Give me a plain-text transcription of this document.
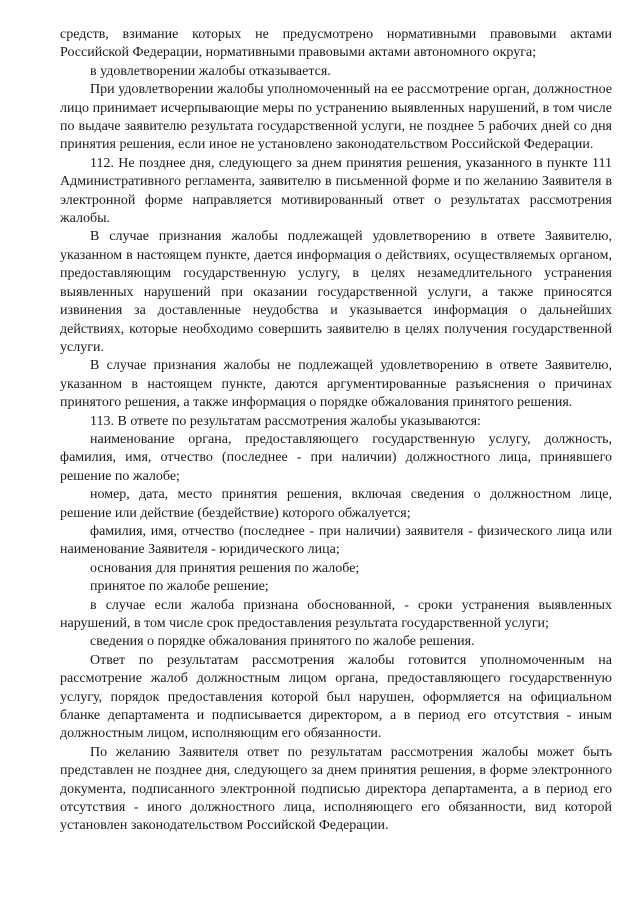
средств, взимание которых не предусмотрено нормативными правовыми актами Российской Федерации, нормативными правовыми актами автономного округа;

в удовлетворении жалобы отказывается.

При удовлетворении жалобы уполномоченный на ее рассмотрение орган, должностное лицо принимает исчерпывающие меры по устранению выявленных нарушений, в том числе по выдаче заявителю результата государственной услуги, не позднее 5 рабочих дней со дня принятия решения, если иное не установлено законодательством Российской Федерации.

112. Не позднее дня, следующего за днем принятия решения, указанного в пункте 111 Административного регламента, заявителю в письменной форме и по желанию Заявителя в электронной форме направляется мотивированный ответ о результатах рассмотрения жалобы.

В случае признания жалобы подлежащей удовлетворению в ответе Заявителю, указанном в настоящем пункте, дается информация о действиях, осуществляемых органом, предоставляющим государственную услугу, в целях незамедлительного устранения выявленных нарушений при оказании государственной услуги, а также приносятся извинения за доставленные неудобства и указывается информация о дальнейших действиях, которые необходимо совершить заявителю в целях получения государственной услуги.

В случае признания жалобы не подлежащей удовлетворению в ответе Заявителю, указанном в настоящем пункте, даются аргументированные разъяснения о причинах принятого решения, а также информация о порядке обжалования принятого решения.

113. В ответе по результатам рассмотрения жалобы указываются:

наименование органа, предоставляющего государственную услугу, должность, фамилия, имя, отчество (последнее - при наличии) должностного лица, принявшего решение по жалобе;

номер, дата, место принятия решения, включая сведения о должностном лице, решение или действие (бездействие) которого обжалуется;

фамилия, имя, отчество (последнее - при наличии) заявителя - физического лица или наименование Заявителя - юридического лица;

основания для принятия решения по жалобе;

принятое по жалобе решение;

в случае если жалоба признана обоснованной, - сроки устранения выявленных нарушений, в том числе срок предоставления результата государственной услуги;

сведения о порядке обжалования принятого по жалобе решения.

Ответ по результатам рассмотрения жалобы готовится уполномоченным на рассмотрение жалоб должностным лицом органа, предоставляющего государственную услугу, порядок предоставления которой был нарушен, оформляется на официальном бланке департамента и подписывается директором, а в период его отсутствия - иным должностным лицом, исполняющим его обязанности.

По желанию Заявителя ответ по результатам рассмотрения жалобы может быть представлен не позднее дня, следующего за днем принятия решения, в форме электронного документа, подписанного электронной подписью директора департамента, а в период его отсутствия - иного должностного лица, исполняющего его обязанности, вид которой установлен законодательством Российской Федерации.
